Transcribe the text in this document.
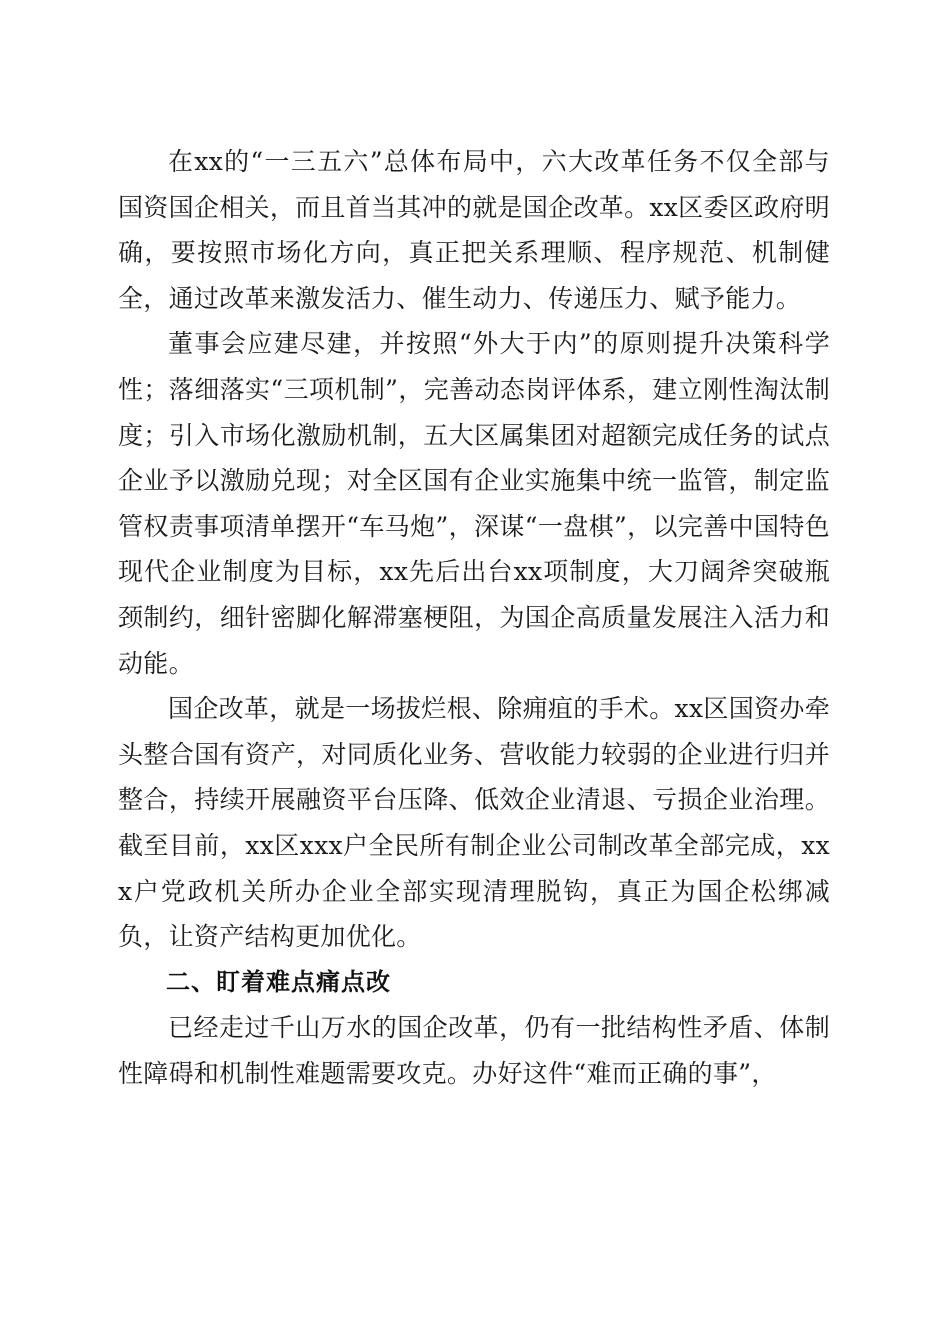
在xx的“一三五六”总体布局中，六大改革任务不仅全部与国资国企相关，而且首当其冲的就是国企改革。xx区委区政府明确，要按照市场化方向，真正把关系理顺、程序规范、机制健全，通过改革来激发活力、催生动力、传递压力、赋予能力。

董事会应建尽建，并按照“外大于内”的原则提升决策科学性；落细落实“三项机制”，完善动态岗评体系，建立刚性淘汰制度；引入市场化激励机制，五大区属集团对超额完成任务的试点企业予以激励兑现；对全区国有企业实施集中统一监管，制定监管权责事项清单摆开“车马炮”，深谋“一盘棋”，以完善中国特色现代企业制度为目标，xx先后出台xx项制度，大刀阔斧突破瓶颈制约，细针密脚化解滞塞梗阻，为国企高质量发展注入活力和动能。

国企改革，就是一场拔烂根、除痈疽的手术。xx区国资办牵头整合国有资产，对同质化业务、营收能力较弱的企业进行归并整合，持续开展融资平台压降、低效企业清退、亏损企业治理。截至目前，xx区xxx户全民所有制企业公司制改革全部完成，xxx户党政机关所办企业全部实现清理脱钩，真正为国企松绑减负，让资产结构更加优化。

二、盯着难点痛点改

已经走过千山万水的国企改革，仍有一批结构性矛盾、体制性障碍和机制性难题需要攻克。办好这件“难而正确的事”，
